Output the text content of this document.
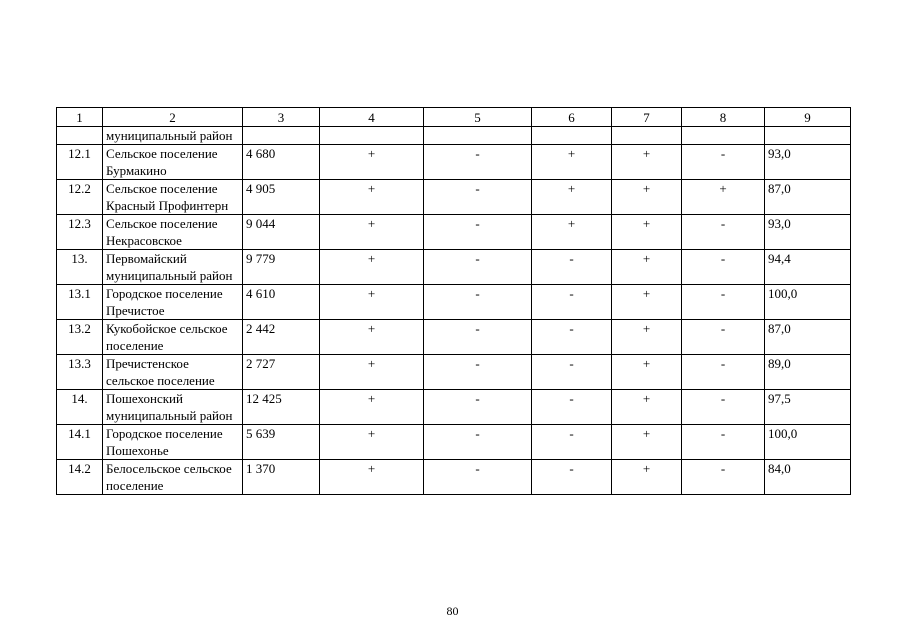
1	2	3	4	5	6	7	8	9
	муниципальный район							
12.1	Сельское поселение Бурмакино	4 680	+	-	+	+	-	93,0
12.2	Сельское поселение Красный Профинтерн	4 905	+	-	+	+	+	87,0
12.3	Сельское поселение Некрасовское	9 044	+	-	+	+	-	93,0
13.	Первомайский муниципальный район	9 779	+	-	-	+	-	94,4
13.1	Городское поселение Пречистое	4 610	+	-	-	+	-	100,0
13.2	Кукобойское сельское поселение	2 442	+	-	-	+	-	87,0
13.3	Пречистенское сельское поселение	2 727	+	-	-	+	-	89,0
14.	Пошехонский муниципальный район	12 425	+	-	-	+	-	97,5
14.1	Городское поселение Пошехонье	5 639	+	-	-	+	-	100,0
14.2	Белосельское сельское поселение	1 370	+	-	-	+	-	84,0
80
